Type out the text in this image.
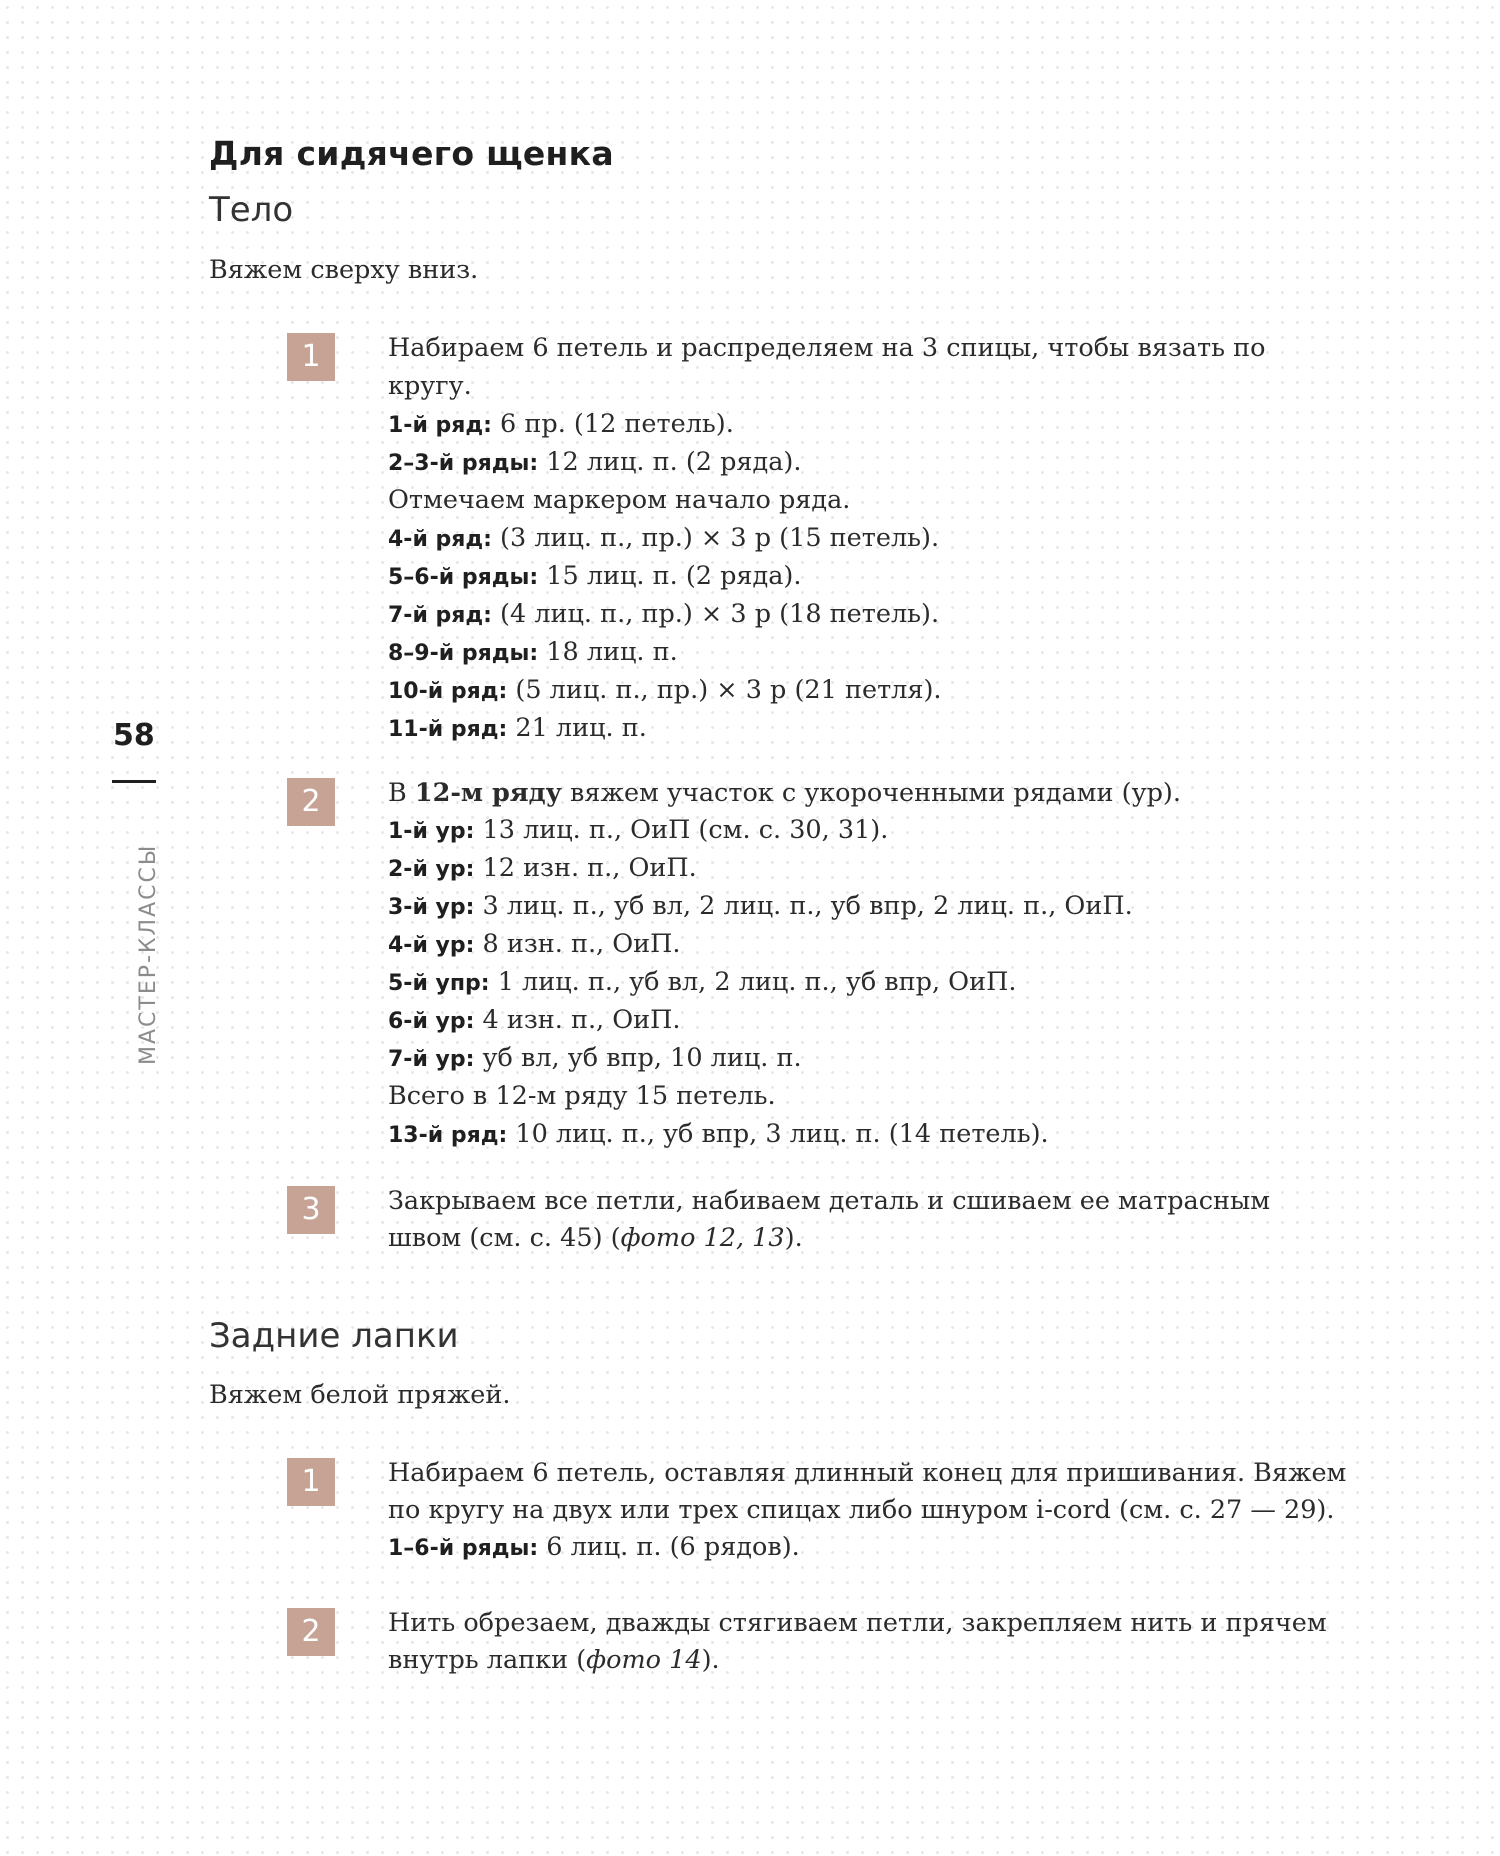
58
МАСТЕР-КЛАССЫ
Для сидячего щенка
Тело

Вяжем сверху вниз.

1	Набираем 6 петель и распределяем на 3 спицы, чтобы вязать по
кругу.
1-й ряд: 6 пр. (12 петель).
2–3-й ряды: 12 лиц. п. (2 ряда).
Отмечаем маркером начало ряда.
4-й ряд: (3 лиц. п., пр.) × 3 р (15 петель).
5–6-й ряды: 15 лиц. п. (2 ряда).
7-й ряд: (4 лиц. п., пр.) × 3 р (18 петель).
8–9-й ряды: 18 лиц. п.
10-й ряд: (5 лиц. п., пр.) × 3 р (21 петля).
11-й ряд: 21 лиц. п.
2	В 12-м ряду вяжем участок с укороченными рядами (ур).
1-й ур: 13 лиц. п., ОиП (см. с. 30, 31).
2-й ур: 12 изн. п., ОиП.
3-й ур: 3 лиц. п., уб вл, 2 лиц. п., уб впр, 2 лиц. п., ОиП.
4-й ур: 8 изн. п., ОиП.
5-й упр: 1 лиц. п., уб вл, 2 лиц. п., уб впр, ОиП.
6-й ур: 4 изн. п., ОиП.
7-й ур: уб вл, уб впр, 10 лиц. п.
Всего в 12-м ряду 15 петель.
13-й ряд: 10 лиц. п., уб впр, 3 лиц. п. (14 петель).
3	Закрываем все петли, набиваем деталь и сшиваем ее матрасным
швом (см. с. 45) (фото 12, 13).
Задние лапки

Вяжем белой пряжей.

1	Набираем 6 петель, оставляя длинный конец для пришивания. Вяжем
по кругу на двух или трех спицах либо шнуром i-cord (см. с. 27 — 29).
1–6-й ряды: 6 лиц. п. (6 рядов).
2	Нить обрезаем, дважды стягиваем петли, закрепляем нить и прячем
внутрь лапки (фото 14).
